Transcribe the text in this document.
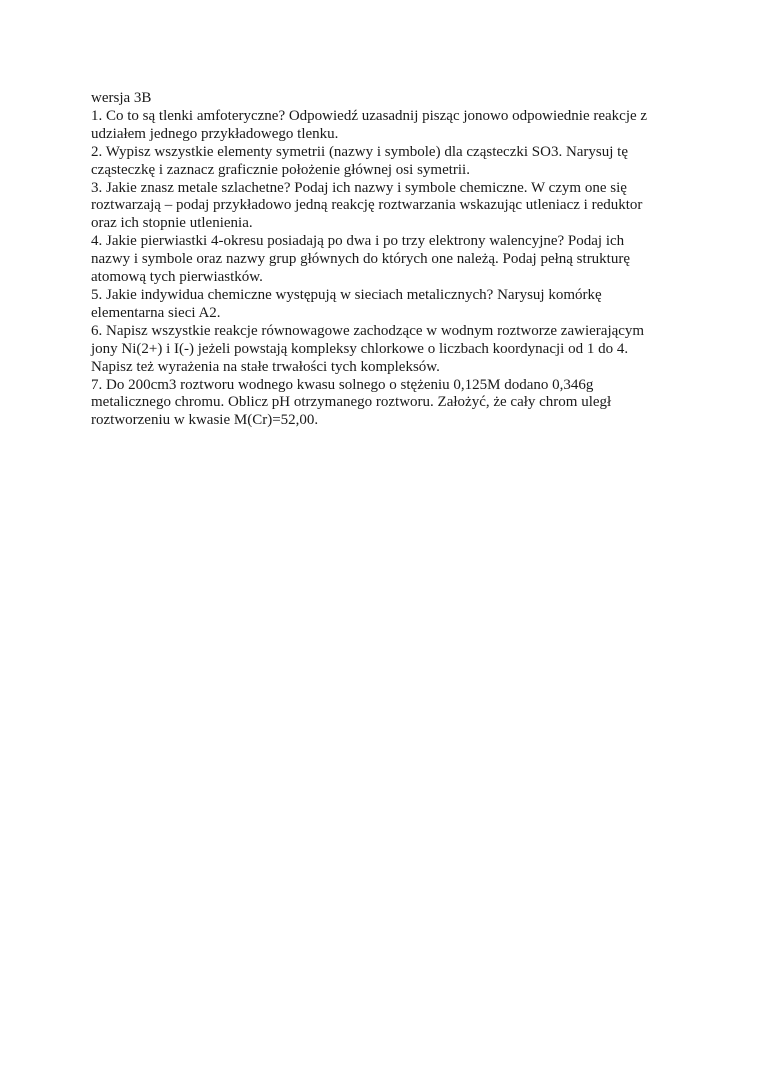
wersja 3B
1. Co to są tlenki amfoteryczne? Odpowiedź uzasadnij pisząc jonowo odpowiednie reakcje z
udziałem jednego przykładowego tlenku.
2. Wypisz wszystkie elementy symetrii (nazwy i symbole) dla cząsteczki SO3. Narysuj tę
cząsteczkę i zaznacz graficznie położenie głównej osi symetrii.
3. Jakie znasz metale szlachetne? Podaj ich nazwy i symbole chemiczne. W czym one się
roztwarzają – podaj przykładowo jedną reakcję roztwarzania wskazując utleniacz i reduktor
oraz ich stopnie utlenienia.
4. Jakie pierwiastki 4-okresu posiadają po dwa i po trzy elektrony walencyjne? Podaj ich
nazwy i symbole oraz nazwy grup głównych do których one należą. Podaj pełną strukturę
atomową tych pierwiastków.
5. Jakie indywidua chemiczne występują w sieciach metalicznych? Narysuj komórkę
elementarna sieci A2.
6. Napisz wszystkie reakcje równowagowe zachodzące w wodnym roztworze zawierającym
jony Ni(2+) i I(-) jeżeli powstają kompleksy chlorkowe o liczbach koordynacji od 1 do 4.
Napisz też wyrażenia na stałe trwałości tych kompleksów.
7. Do 200cm3 roztworu wodnego kwasu solnego o stężeniu 0,125M dodano 0,346g
metalicznego chromu. Oblicz pH otrzymanego roztworu. Założyć, że cały chrom uległ
roztworzeniu w kwasie M(Cr)=52,00.
